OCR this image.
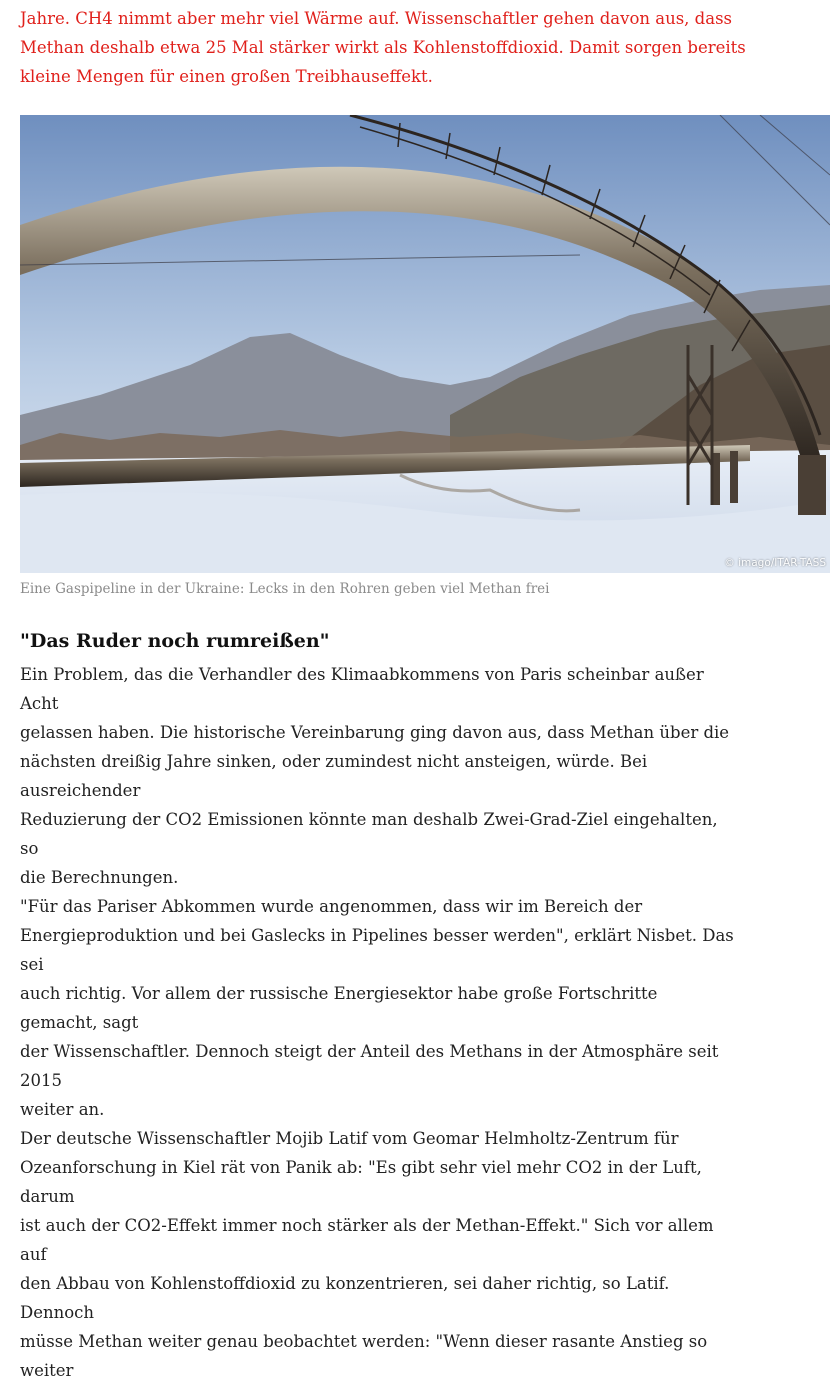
Jahre. CH4 nimmt aber mehr viel Wärme auf. Wissenschaftler gehen davon aus, dass
Methan deshalb etwa 25 Mal stärker wirkt als Kohlenstoffdioxid. Damit sorgen bereits
kleine Mengen für einen großen Treibhauseffekt.
© imago/ITAR-TASS
Eine Gaspipeline in der Ukraine: Lecks in den Rohren geben viel Methan frei
"Das Ruder noch rumreißen"

Ein Problem, das die Verhandler des Klimaabkommens von Paris scheinbar außer Acht

gelassen haben. Die historische Vereinbarung ging davon aus, dass Methan über die

nächsten dreißig Jahre sinken, oder zumindest nicht ansteigen, würde. Bei ausreichender

Reduzierung der CO2 Emissionen könnte man deshalb Zwei-Grad-Ziel eingehalten, so

die Berechnungen.

"Für das Pariser Abkommen wurde angenommen, dass wir im Bereich der

Energieproduktion und bei Gaslecks in Pipelines besser werden", erklärt Nisbet. Das sei

auch richtig. Vor allem der russische Energiesektor habe große Fortschritte gemacht, sagt

der Wissenschaftler. Dennoch steigt der Anteil des Methans in der Atmosphäre seit 2015

weiter an.

Der deutsche Wissenschaftler Mojib Latif vom Geomar Helmholtz-Zentrum für

Ozeanforschung in Kiel rät von Panik ab: "Es gibt sehr viel mehr CO2 in der Luft, darum

ist auch der CO2-Effekt immer noch stärker als der Methan-Effekt." Sich vor allem auf

den Abbau von Kohlenstoffdioxid zu konzentrieren, sei daher richtig, so Latif. Dennoch

müsse Methan weiter genau beobachtet werden: "Wenn dieser rasante Anstieg so weiter
